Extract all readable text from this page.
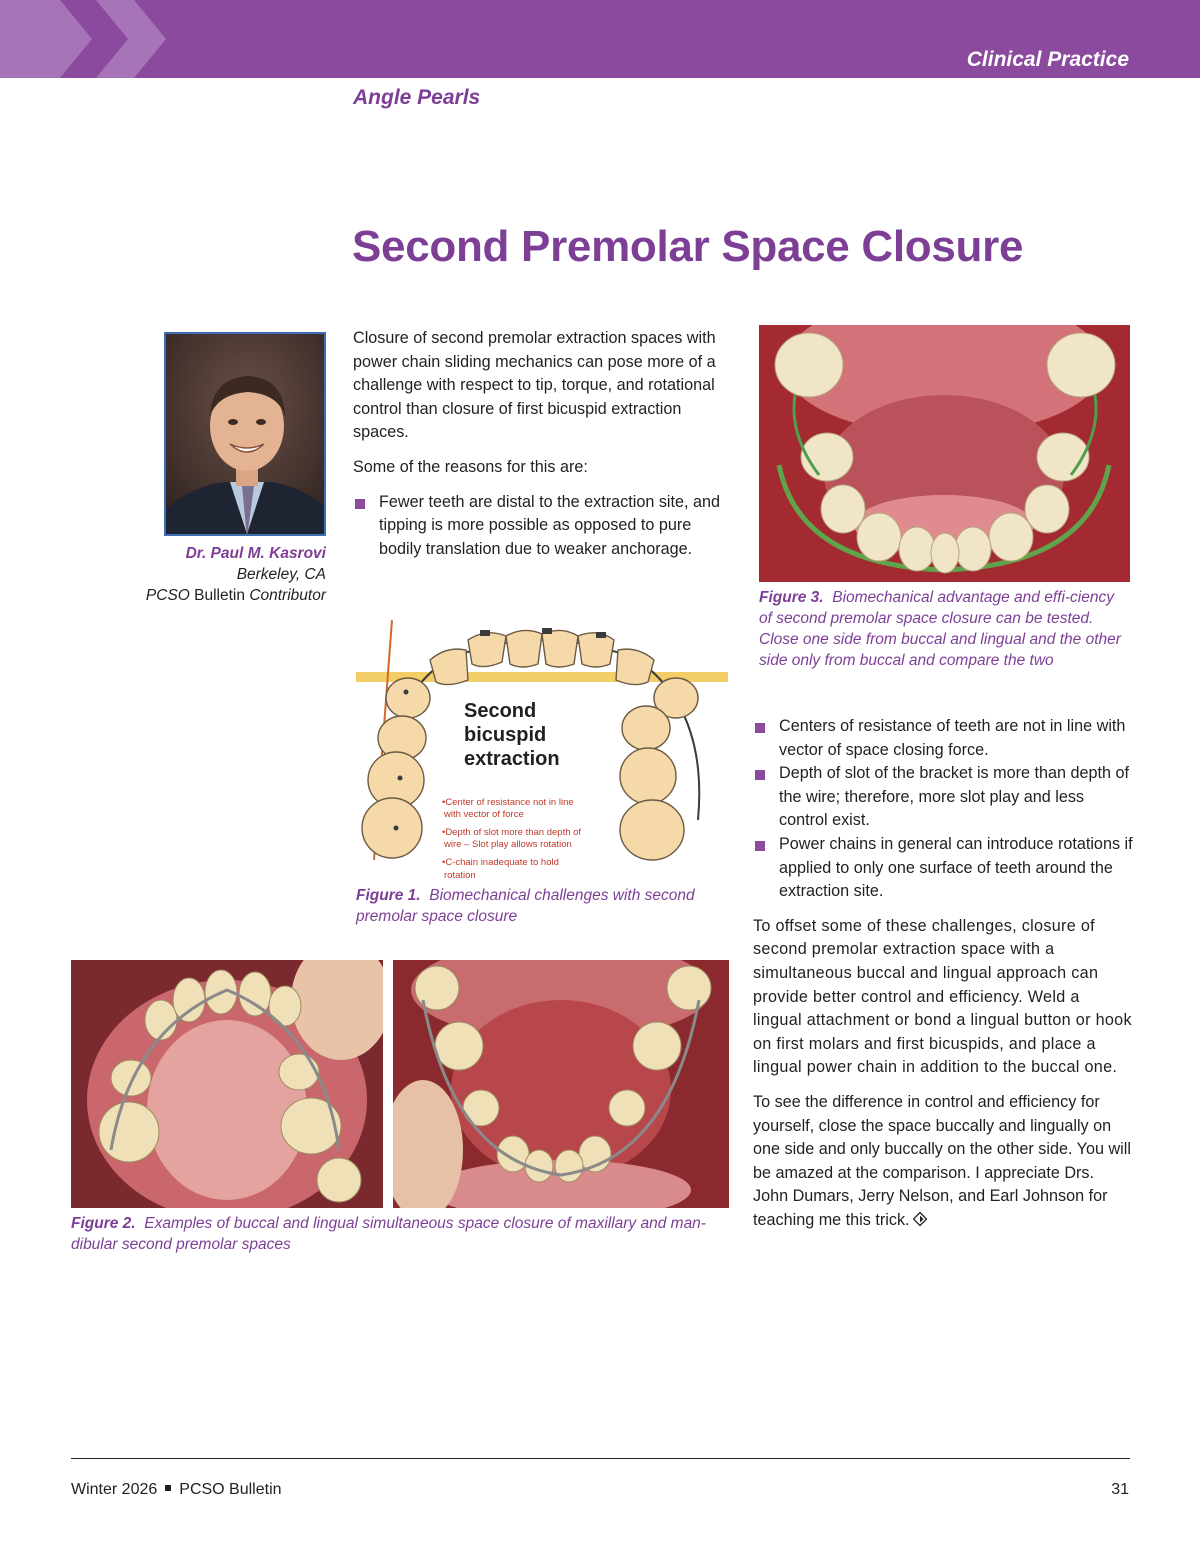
Clinical Practice
Angle Pearls
Second Premolar Space Closure
Dr. Paul M. Kasrovi
Berkeley, CA
PCSO Bulletin Contributor

Closure of second premolar extraction spaces with power chain sliding mechanics can pose more of a challenge with respect to tip, torque, and rotational control than closure of first bicuspid extraction spaces.

Some of the reasons for this are:

Fewer teeth are distal to the extraction site, and tipping is more possible as opposed to pure bodily translation due to weaker anchorage.
Second
bicuspid
extraction
•Center of resistance not in line
with vector of force
•Depth of slot more than depth of
wire – Slot play allows rotation
•C-chain inadequate to hold
rotation
Figure 1. Biomechanical challenges with second premolar space closure
Figure 3. Biomechanical advantage and effi-ciency of second premolar space closure can be tested. Close one side from buccal and lingual and the other side only from buccal and compare the two
Centers of resistance of teeth are not in line with vector of space closing force.
Depth of slot of the bracket is more than depth of the wire; therefore, more slot play and less control exist.
Power chains in general can introduce rotations if applied to only one surface of teeth around the extraction site.

To offset some of these challenges, closure of second premolar extraction space with a simultaneous buccal and lingual approach can provide better control and efficiency. Weld a lingual attachment or bond a lingual button or hook on first molars and first bicuspids, and place a lingual power chain in addition to the buccal one.

To see the difference in control and efficiency for yourself, close the space buccally and lingually on one side and only buccally on the other side. You will be amazed at the comparison. I appreciate Drs. John Dumars, Jerry Nelson, and Earl Johnson for teaching me this trick.

Figure 2. Examples of buccal and lingual simultaneous space closure of maxillary and man-dibular second premolar spaces
Winter 2026 PCSO Bulletin	31
